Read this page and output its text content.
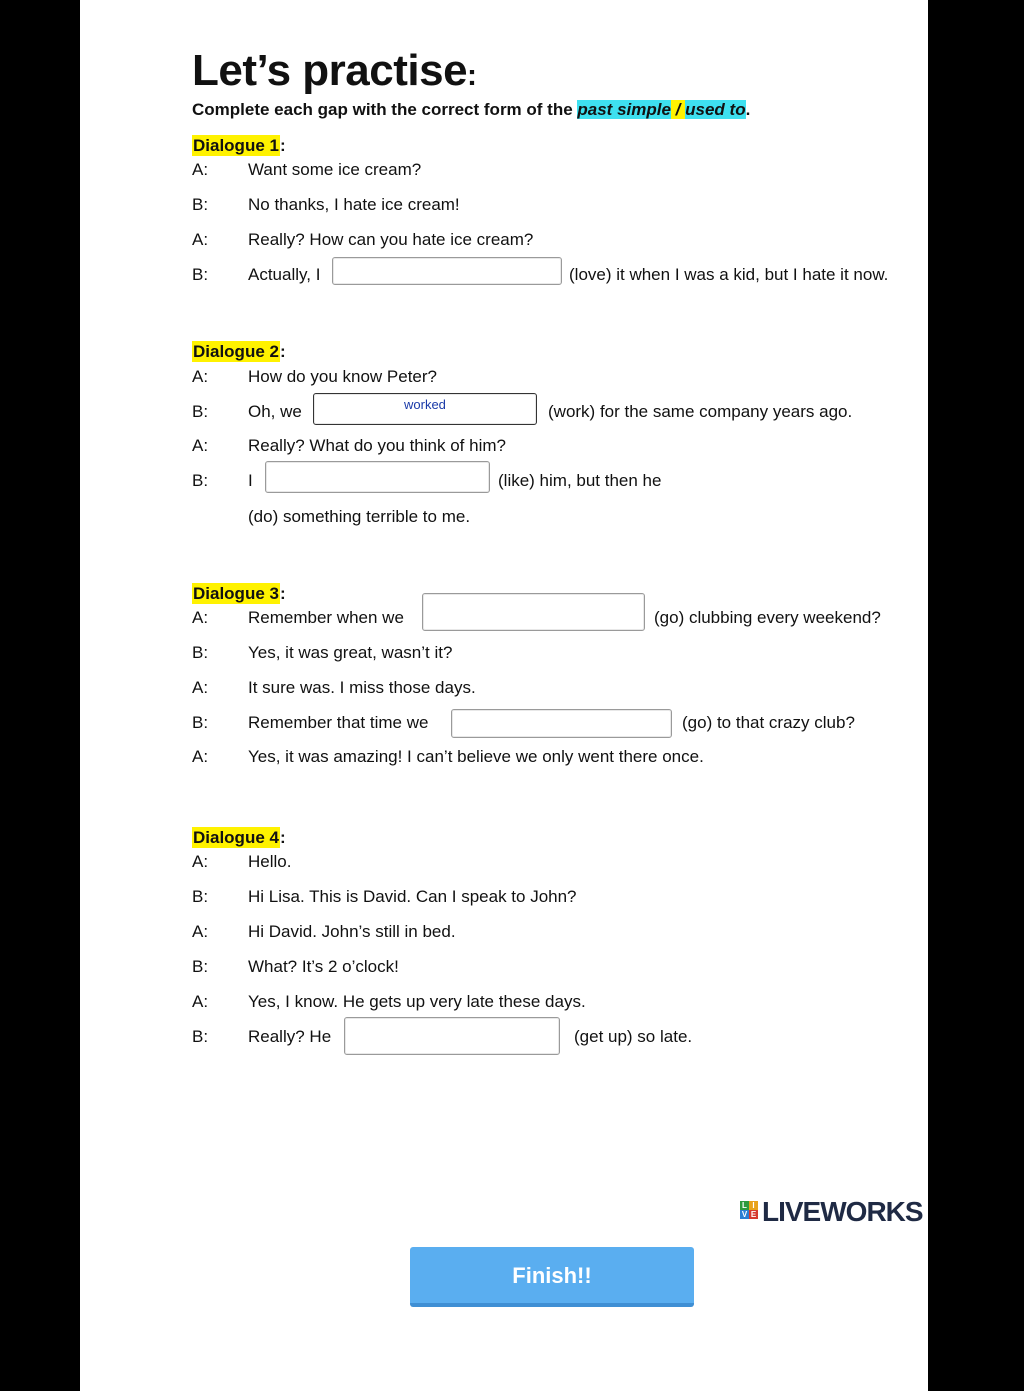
Let’s practise:
Complete each gap with the correct form of the past simple / used to.
Dialogue 1:
A: Want some ice cream?
B: No thanks, I hate ice cream!
A: Really? How can you hate ice cream?
B: Actually, I	(love) it when I was a kid, but I hate it now.
Dialogue 2:
A: How do you know Peter?
B: Oh, we	worked	(work) for the same company years ago.
A: Really? What do you think of him?
B: I	(like) him, but then he
(do) something terrible to me.
Dialogue 3:
A: Remember when we	(go) clubbing every weekend?
B: Yes, it was great, wasn’t it?
A: It sure was. I miss those days.
B: Remember that time we	(go) to that crazy club?
A: Yes, it was amazing! I can’t believe we only went there once.
Dialogue 4:
A: Hello.
B: Hi Lisa. This is David. Can I speak to John?
A: Hi David. John’s still in bed.
B: What? It’s 2 o’clock!
A: Yes, I know. He gets up very late these days.
B: Really? He	(get up) so late.
L I
V E LIVEWORKS
Finish!!
